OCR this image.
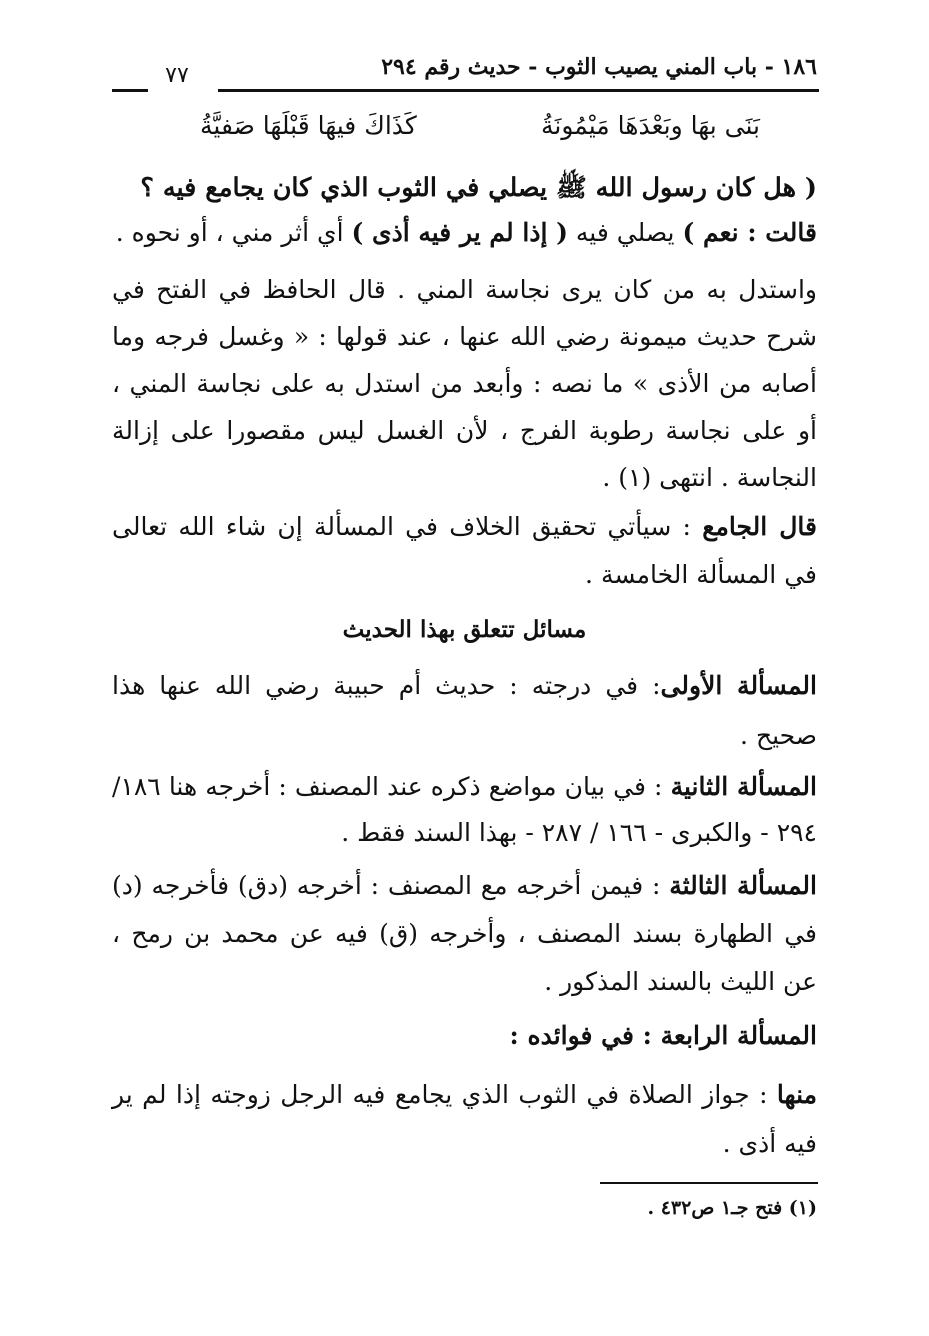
١٨٦ - باب المني يصيب الثوب - حديث رقم ٢٩٤
٧٧
بَنَى بهَا وبَعْدَهَا مَيْمُونَةُ
كَذَاكَ فيهَا قَبْلَهَا صَفيَّةُ
( هل كان رسول الله ﷺ يصلي في الثوب الذي كان يجامع فيه ؟
قالت : نعم ) يصلي فيه ( إذا لم ير فيه أذى ) أي أثر مني ، أو نحوه .
واستدل به من كان يرى نجاسة المني . قال الحافظ في الفتح في شرح حديث ميمونة رضي الله عنها ، عند قولها : « وغسل فرجه وما أصابه من الأذى » ما نصه : وأبعد من استدل به على نجاسة المني ، أو على نجاسة رطوبة الفرج ، لأن الغسل ليس مقصورا على إزالة النجاسة . انتهى (١) .
قال الجامع : سيأتي تحقيق الخلاف في المسألة إن شاء الله تعالى في المسألة الخامسة .
مسائل تتعلق بهذا الحديث
المسألة الأولى: في درجته : حديث أم حبيبة رضي الله عنها هذا صحيح .
المسألة الثانية : في بيان مواضع ذكره عند المصنف : أخرجه هنا ١٨٦/ ٢٩٤ - والكبرى - ١٦٦ / ٢٨٧ - بهذا السند فقط .
المسألة الثالثة : فيمن أخرجه مع المصنف : أخرجه (دق) فأخرجه (د) في الطهارة بسند المصنف ، وأخرجه (ق) فيه عن محمد بن رمح ، عن الليث بالسند المذكور .
المسألة الرابعة : في فوائده :
منها : جواز الصلاة في الثوب الذي يجامع فيه الرجل زوجته إذا لم ير فيه أذى .
(١) فتح جـ١ ص٤٣٢ .
